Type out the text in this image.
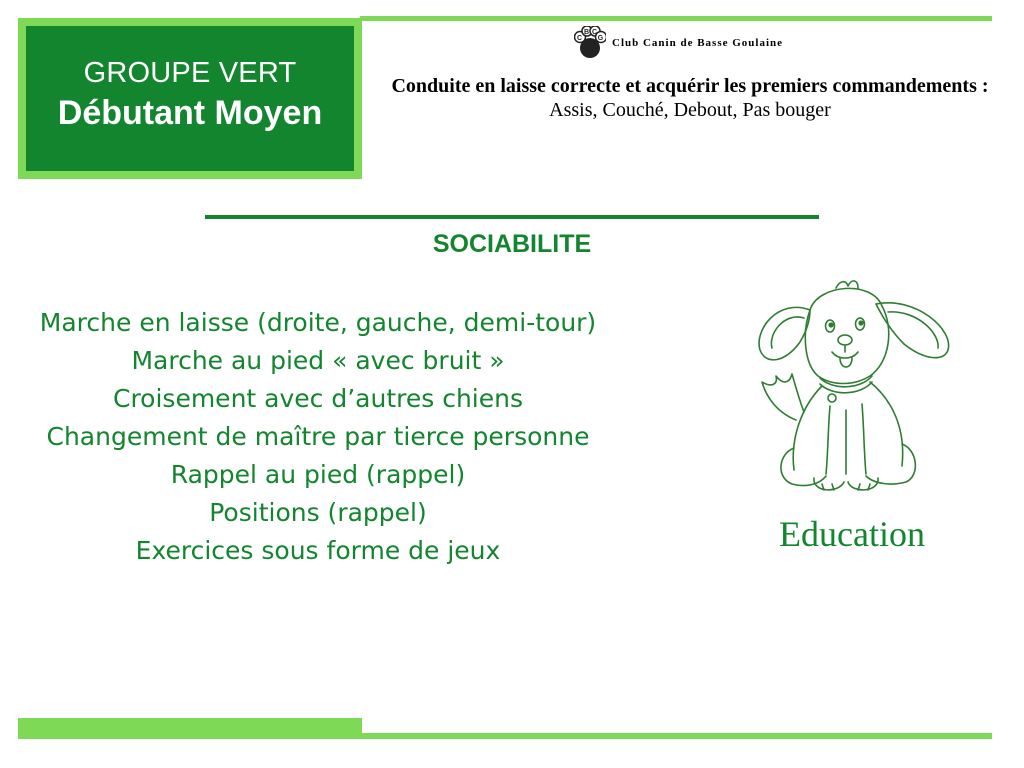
GROUPE VERT
Débutant Moyen
C
B C
G Club Canin de Basse Goulaine
Conduite en laisse correcte et acquérir les premiers commandements : Assis, Couché, Debout, Pas bouger
SOCIABILITE
Marche en laisse (droite, gauche, demi-tour)
Marche au pied « avec bruit »
Croisement avec d’autres chiens
Changement de maître par tierce personne
Rappel au pied (rappel)
Positions (rappel)
Exercices sous forme de jeux	Education
